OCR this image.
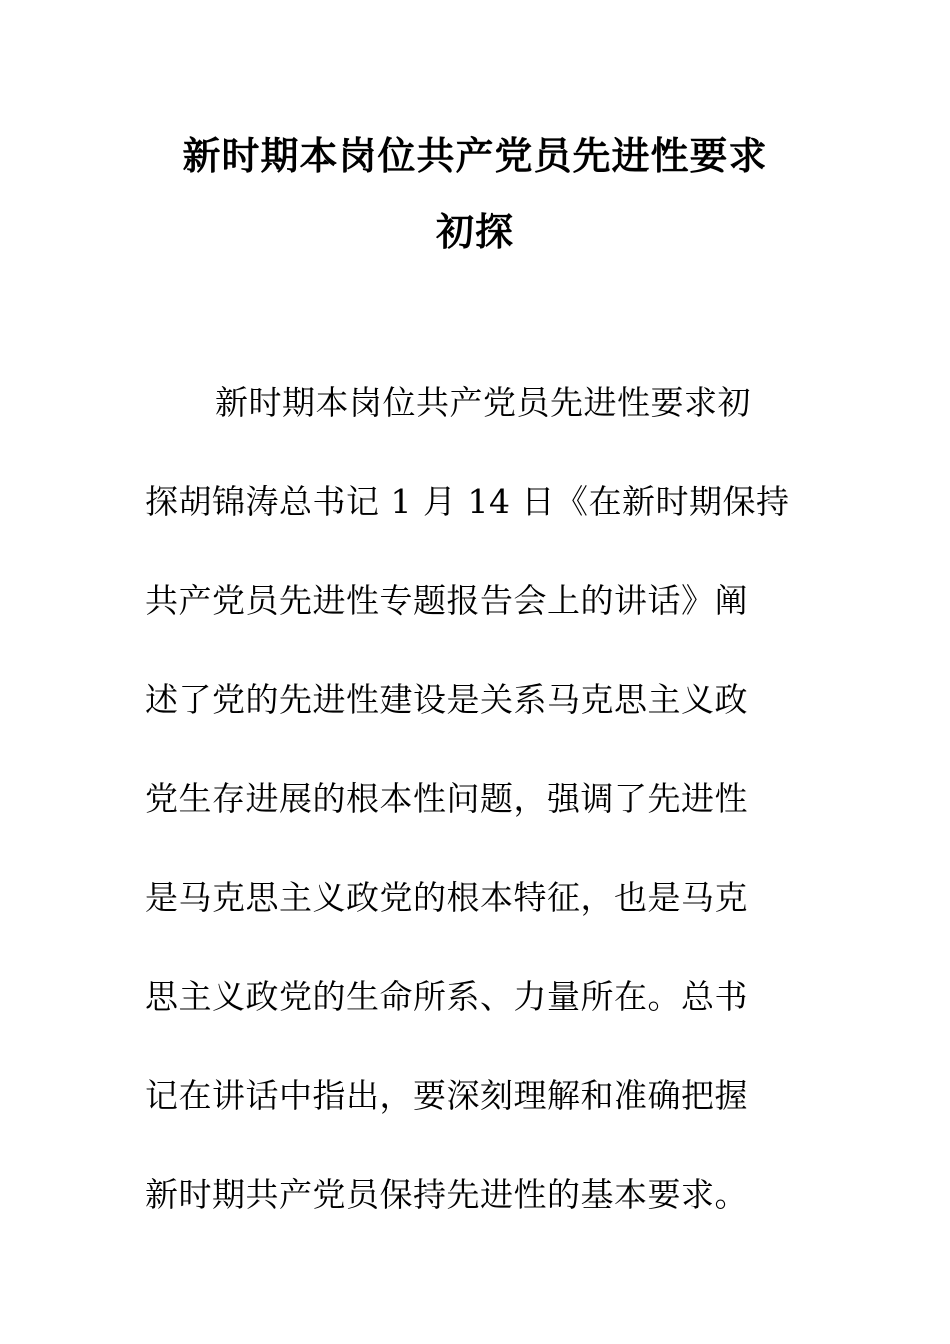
新时期本岗位共产党员先进性要求
初探
新时期本岗位共产党员先进性要求初
探胡锦涛总书记 1 月 14 日《在新时期保持
共产党员先进性专题报告会上的讲话》阐
述了党的先进性建设是关系马克思主义政
党生存进展的根本性问题，强调了先进性
是马克思主义政党的根本特征，也是马克
思主义政党的生命所系、力量所在。总书
记在讲话中指出，要深刻理解和准确把握
新时期共产党员保持先进性的基本要求。
